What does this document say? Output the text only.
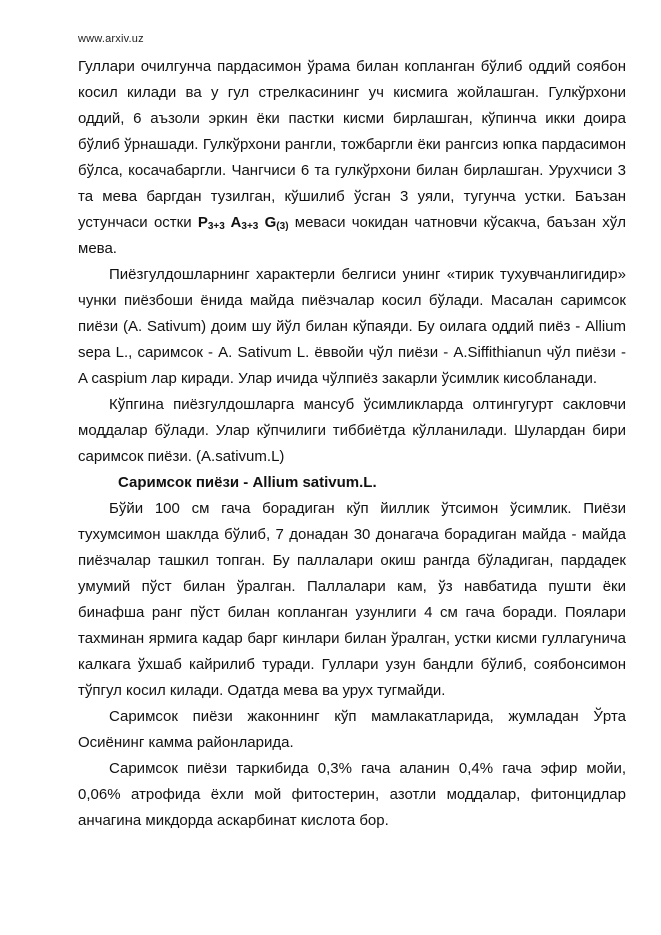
www.arxiv.uz

Гуллари очилгунча пардасимон ўрама билан копланган бўлиб оддий соябон косил килади ва у гул стрелкасининг уч кисмига жойлашган. Гулкўрхони оддий, 6 аъзоли эркин ёки пастки кисми бирлашган, кўпинча икки доира бўлиб ўрнашади. Гулкўрхони рангли, тожбаргли ёки рангсиз юпка пардасимон бўлса, косачабаргли. Чангчиси 6 та гулкўрхони билан бирлашган. Урухчиси 3 та мева баргдан тузилган, кўшилиб ўсган 3 уяли, тугунча устки. Баъзан устунчаси остки $P_{3+3}$ $A_{3+3}$ $G_{(3)}$ меваси чокидан чатновчи кўсакча, баъзан хўл мева.

Пиёзгулдошларнинг характерли белгиси унинг «тирик тухувчанлигидир» чунки пиёзбоши ёнида майда пиёзчалар косил бўлади. Масалан саримсок пиёзи (A. Sativum) доим шу йўл билан кўпаяди. Бу оилага оддий пиёз - Allium sepa L., саримсок - A. Sativum L. ёввойи чўл пиёзи - A.Siffithianun чўл пиёзи - A caspium лар киради. Улар ичида чўлпиёз закарли ўсимлик кисобланади.

Кўпгина пиёзгулдошларга мансуб ўсимликларда олтингугурт сакловчи моддалар бўлади. Улар кўпчилиги тиббиётда кўлланилади. Шулардан бири саримсок пиёзи. (A.sativum.L)

Саримсок пиёзи - Allium sativum.L.

Бўйи 100 см гача борадиган кўп йиллик ўтсимон ўсимлик. Пиёзи тухумсимон шаклда бўлиб, 7 донадан 30 донагача борадиган майда - майда пиёзчалар ташкил топган. Бу паллалари окиш рангда бўладиган, пардадек умумий пўст билан ўралган. Паллалари кам, ўз навбатида пушти ёки бинафша ранг пўст билан копланган узунлиги 4 см гача боради. Поялари тахминан ярмига кадар барг кинлари билан ўралган, устки кисми гуллагунича калкага ўхшаб кайрилиб туради. Гуллари узун бандли бўлиб, соябонсимон тўпгул косил килади. Одатда мева ва урух тугмайди.

Саримсок пиёзи жаконнинг кўп мамлакатларида, жумладан Ўрта Осиёнинг камма районларида.

Саримсок пиёзи таркибида 0,3% гача аланин 0,4% гача эфир мойи, 0,06% атрофида ёхли мой фитостерин, азотли моддалар, фитонцидлар анчагина микдорда аскарбинат кислота бор.
